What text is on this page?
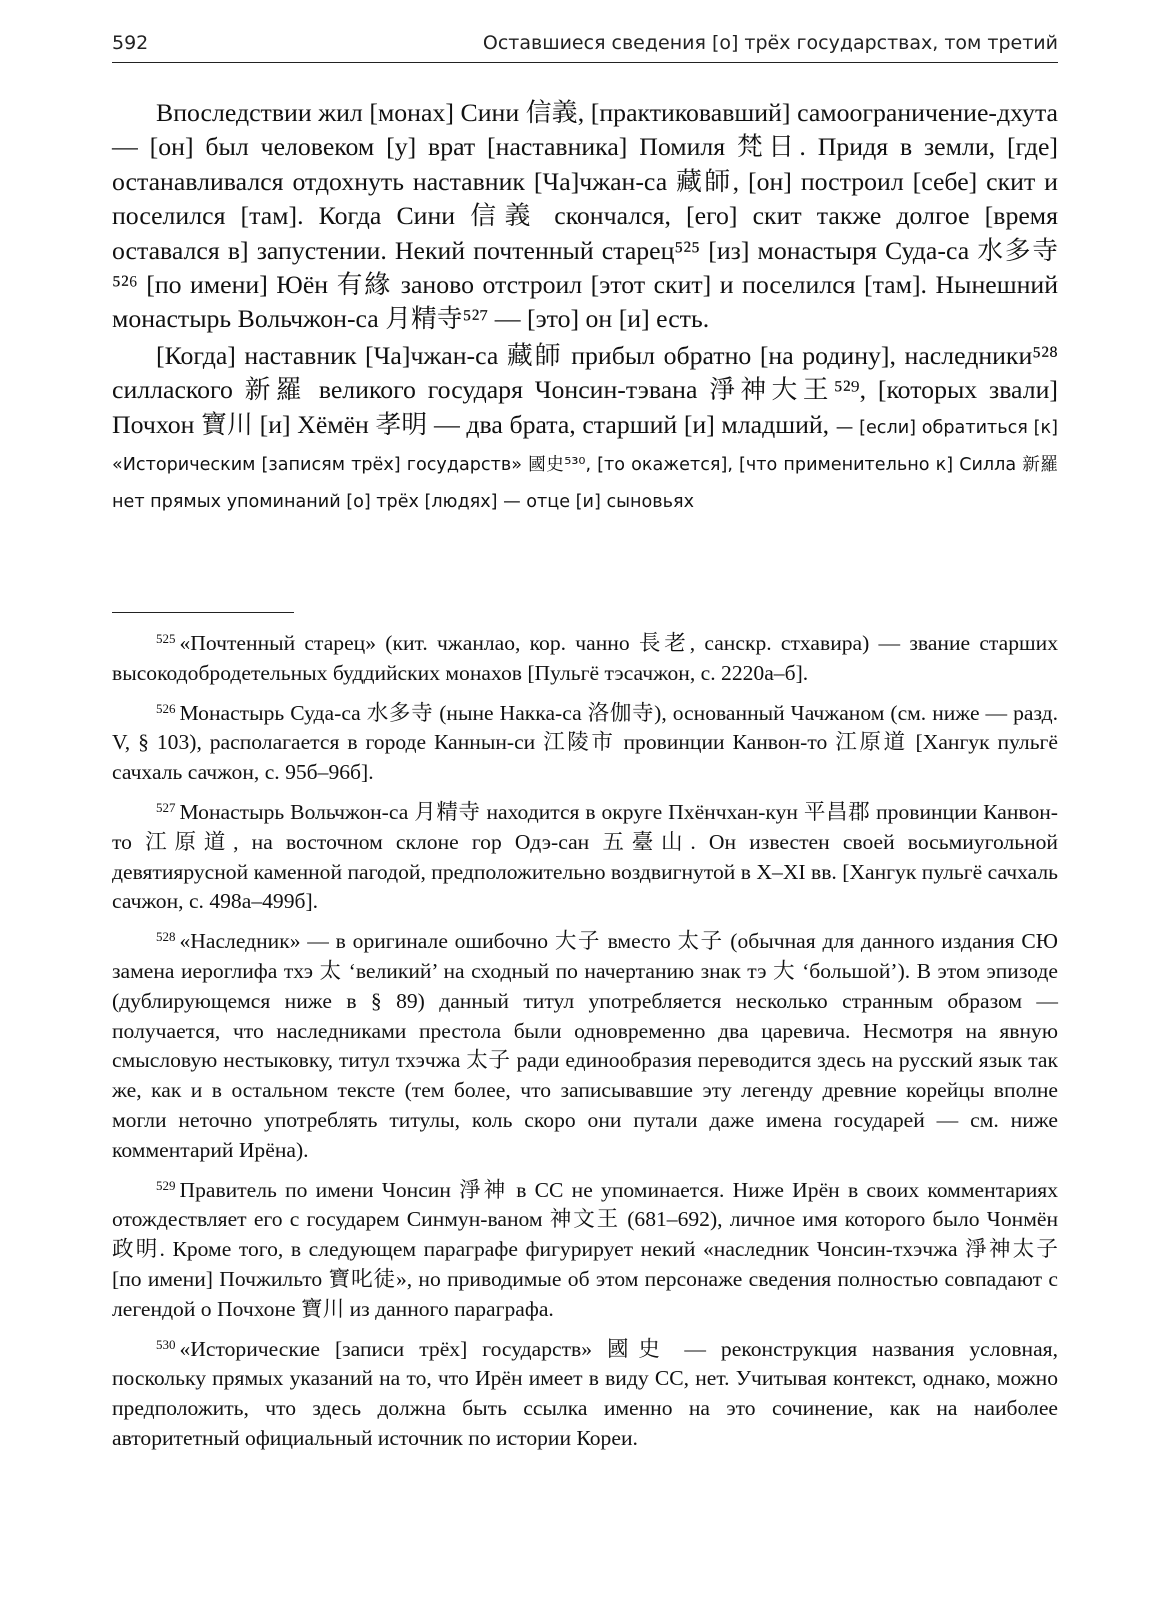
592	Оставшиеся сведения [о] трёх государствах, том третий

Впоследствии жил [монах] Сини 信義, [практиковавший] самоограничение-дхута — [он] был человеком [у] врат [наставника] Помиля 梵日. Придя в земли, [где] останавливался отдохнуть наставник [Ча]чжан-са 藏師, [он] построил [себе] скит и поселился [там]. Когда Сини 信義 скончался, [его] скит также долгое [время оставался в] запустении. Некий почтенный старец⁵²⁵ [из] монастыря Суда-са 水多寺⁵²⁶ [по имени] Юён 有緣 заново отстроил [этот скит] и поселился [там]. Нынешний монастырь Вольчжон-са 月精寺⁵²⁷ — [это] он [и] есть.

[Когда] наставник [Ча]чжан-са 藏師 прибыл обратно [на родину], наследники⁵²⁸ силлаского 新羅 великого государя Чонсин-тэвана 淨神大王⁵²⁹, [которых звали] Почхон 寶川 [и] Хёмён 孝明 — два брата, старший [и] младший, — [если] обратиться [к] «Историческим [записям трёх] государств» 國史⁵³⁰, [то окажется], [что применительно к] Силла 新羅 нет прямых упоминаний [о] трёх [людях] — отце [и] сыновьях

$^{525}$ «Почтенный старец» (кит. чжанлао, кор. чанно 長老, санскр. стхавира) — звание старших высокодобродетельных буддийских монахов [Пульгё тэсачжон, с. 2220а–б].

$^{526}$ Монастырь Суда-са 水多寺 (ныне Накка-са 洛伽寺), основанный Чачжаном (см. ниже — разд. V, § 103), располагается в городе Каннын-си 江陵市 провинции Канвон-то 江原道 [Хангук пульгё сачхаль сачжон, с. 95б–96б].

$^{527}$ Монастырь Вольчжон-са 月精寺 находится в округе Пхёнчхан-кун 平昌郡 провинции Канвон-то 江原道, на восточном склоне гор Одэ-сан 五臺山. Он известен своей восьмиугольной девятиярусной каменной пагодой, предположительно воздвигнутой в X–XI вв. [Хангук пульгё сачхаль сачжон, с. 498а–499б].

$^{528}$ «Наследник» — в оригинале ошибочно 大子 вместо 太子 (обычная для данного издания СЮ замена иероглифа тхэ 太 ‘великий’ на сходный по начертанию знак тэ 大 ‘большой’). В этом эпизоде (дублирующемся ниже в § 89) данный титул употребляется несколько странным образом — получается, что наследниками престола были одновременно два царевича. Несмотря на явную смысловую нестыковку, титул тхэчжа 太子 ради единообразия переводится здесь на русский язык так же, как и в остальном тексте (тем более, что записывавшие эту легенду древние корейцы вполне могли неточно употреблять титулы, коль скоро они путали даже имена государей — см. ниже комментарий Ирёна).

$^{529}$ Правитель по имени Чонсин 淨神 в СС не упоминается. Ниже Ирён в своих комментариях отождествляет его с государем Синмун-ваном 神文王 (681–692), личное имя которого было Чонмён 政明. Кроме того, в следующем параграфе фигурирует некий «наследник Чонсин-тхэчжа 淨神太子 [по имени] Почжильто 寶叱徒», но приводимые об этом персонаже сведения полностью совпадают с легендой о Почхоне 寶川 из данного параграфа.

$^{530}$ «Исторические [записи трёх] государств» 國史 — реконструкция названия условная, поскольку прямых указаний на то, что Ирён имеет в виду СС, нет. Учитывая контекст, однако, можно предположить, что здесь должна быть ссылка именно на это сочинение, как на наиболее авторитетный официальный источник по истории Кореи.
